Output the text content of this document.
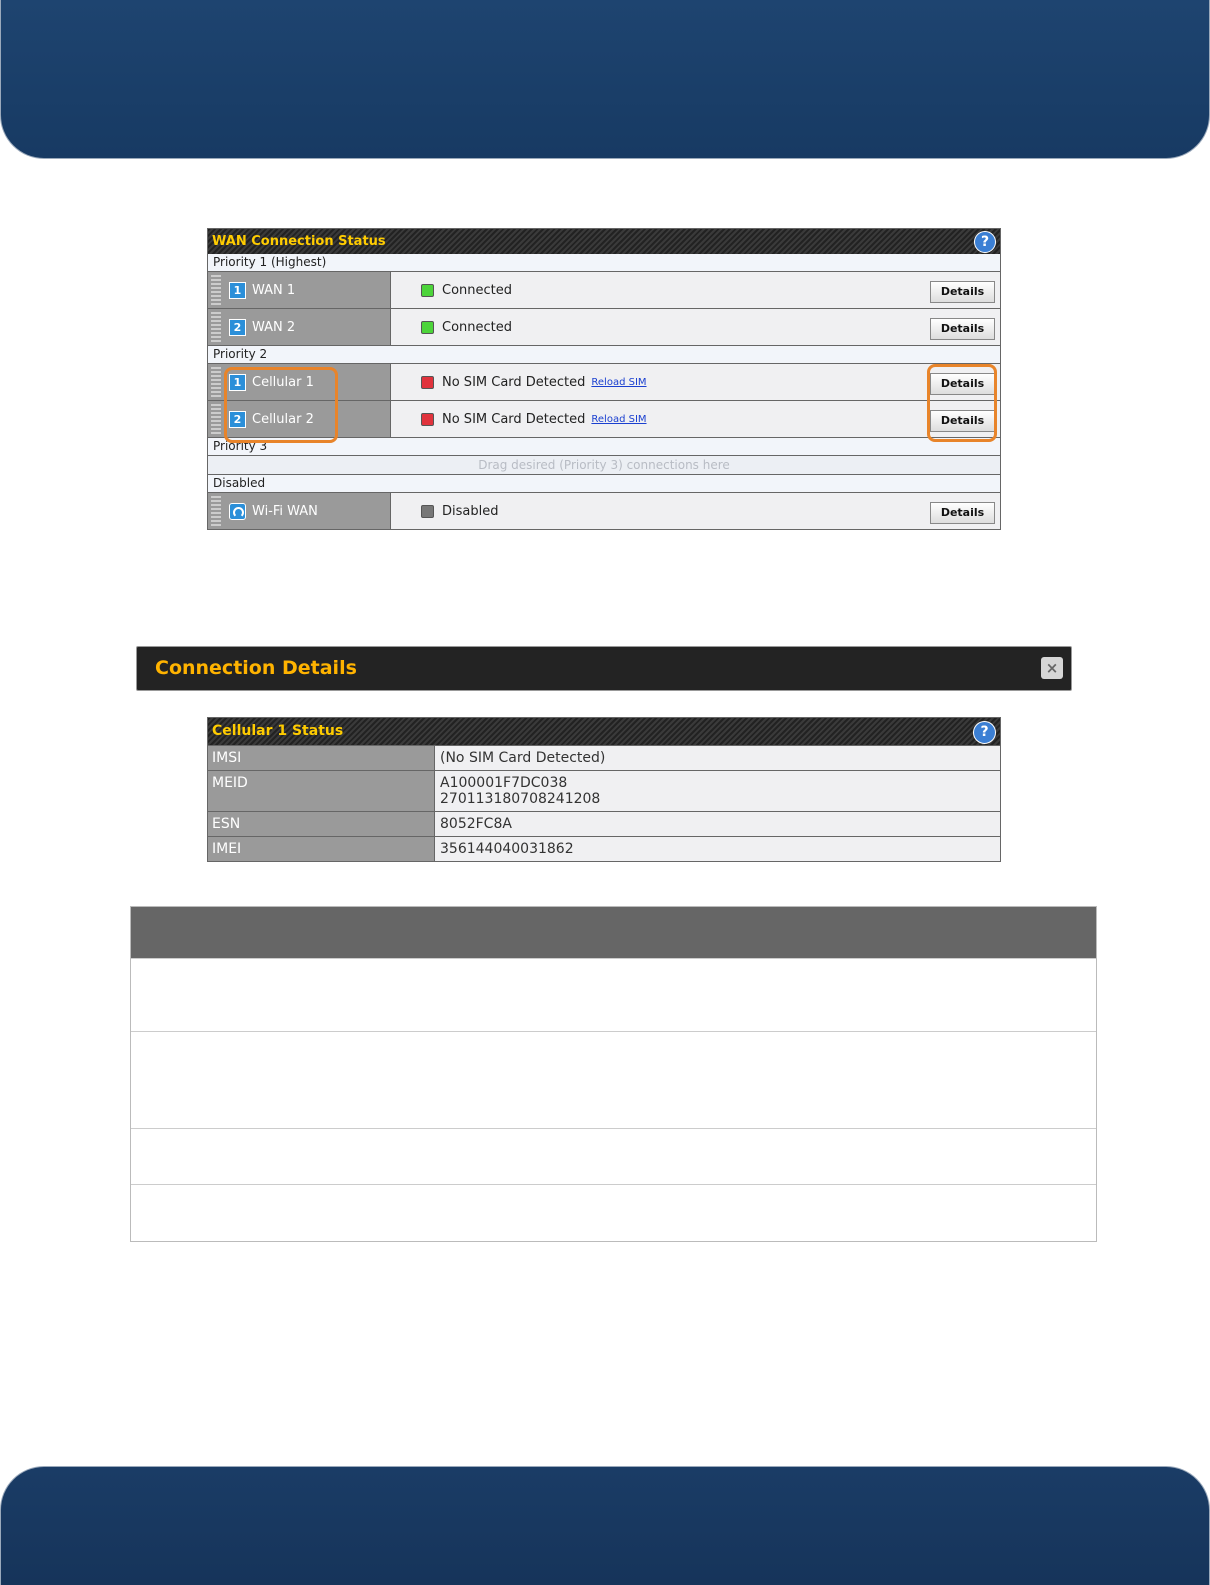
WAN Connection Status	?
Priority 1 (Highest)
1 WAN 1	Connected	Details
2 WAN 2	Connected	Details
Priority 2
1 Cellular 1	No SIM Card Detected Reload SIM	Details
2 Cellular 2	No SIM Card Detected Reload SIM	Details
Priority 3
Drag desired (Priority 3) connections here
Disabled
Wi-Fi WAN	Disabled	Details
Connection Details	×
Cellular 1 Status	?
IMSI	(No SIM Card Detected)
MEID	A100001F7DC038
270113180708241208
ESN	8052FC8A
IMEI	356144040031862
